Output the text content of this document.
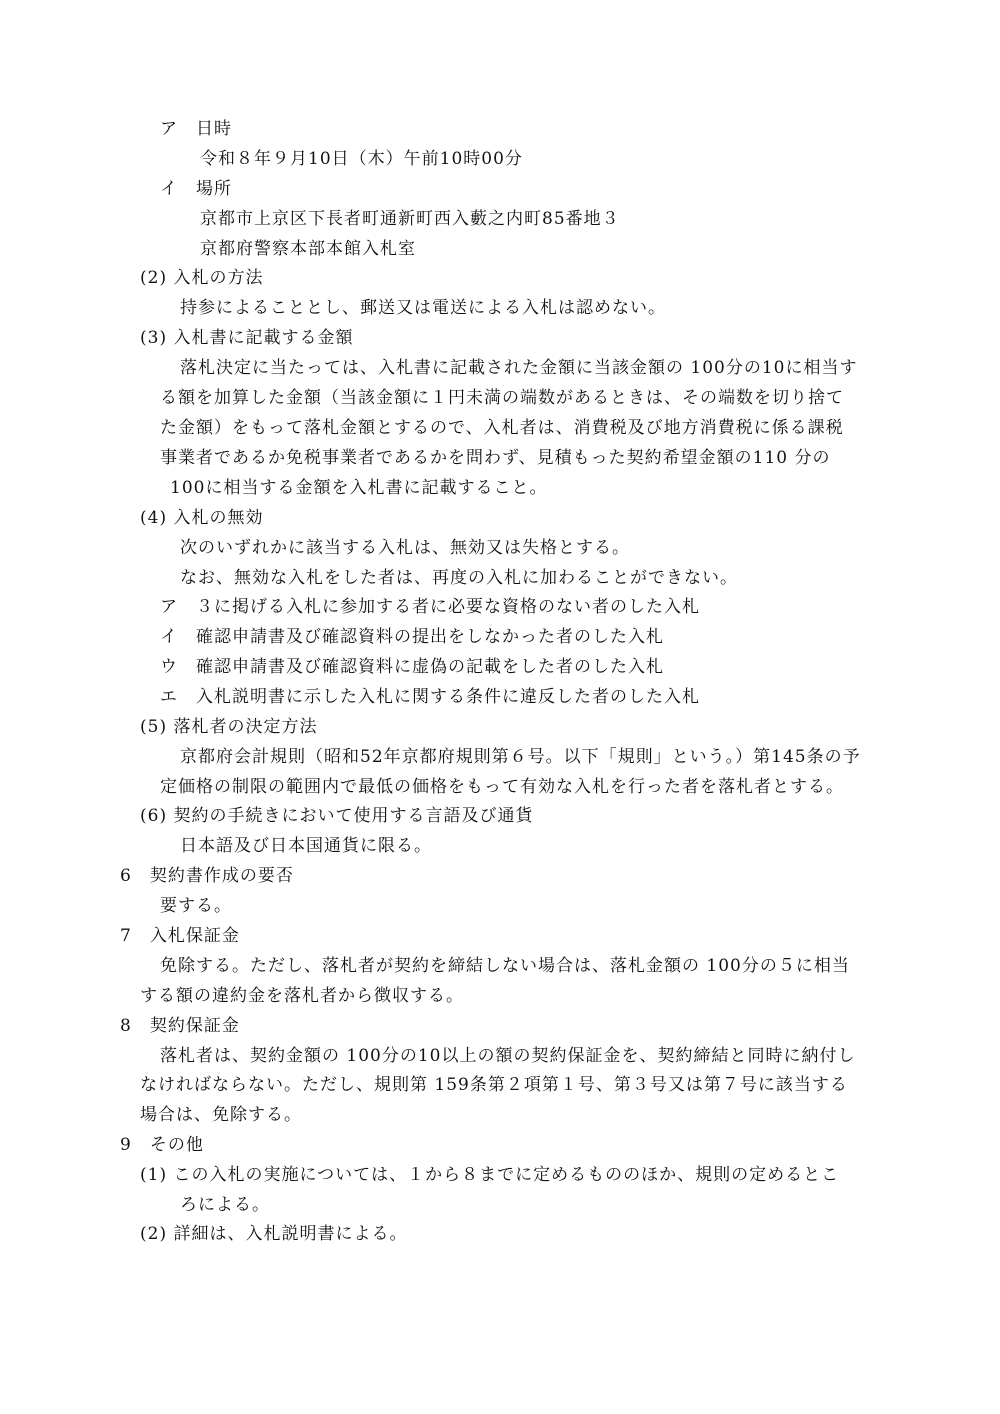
ア　日時
令和８年９月10日（木）午前10時00分
イ　場所
京都市上京区下長者町通新町西入藪之内町85番地３
京都府警察本部本館入札室
(2) 入札の方法
持参によることとし、郵送又は電送による入札は認めない。
(3) 入札書に記載する金額
落札決定に当たっては、入札書に記載された金額に当該金額の 100分の10に相当す
る額を加算した金額（当該金額に１円未満の端数があるときは、その端数を切り捨て
た金額）をもって落札金額とするので、入札者は、消費税及び地方消費税に係る課税
事業者であるか免税事業者であるかを問わず、見積もった契約希望金額の110 分の
100に相当する金額を入札書に記載すること。
(4) 入札の無効
次のいずれかに該当する入札は、無効又は失格とする。
なお、無効な入札をした者は、再度の入札に加わることができない。
ア　３に掲げる入札に参加する者に必要な資格のない者のした入札
イ　確認申請書及び確認資料の提出をしなかった者のした入札
ウ　確認申請書及び確認資料に虚偽の記載をした者のした入札
エ　入札説明書に示した入札に関する条件に違反した者のした入札
(5) 落札者の決定方法
京都府会計規則（昭和52年京都府規則第６号。以下「規則」という。）第145条の予
定価格の制限の範囲内で最低の価格をもって有効な入札を行った者を落札者とする。
(6) 契約の手続きにおいて使用する言語及び通貨
日本語及び日本国通貨に限る。
6　契約書作成の要否
要する。
7　入札保証金
免除する。ただし、落札者が契約を締結しない場合は、落札金額の 100分の５に相当
する額の違約金を落札者から徴収する。
8　契約保証金
落札者は、契約金額の 100分の10以上の額の契約保証金を、契約締結と同時に納付し
なければならない。ただし、規則第 159条第２項第１号、第３号又は第７号に該当する
場合は、免除する。
9　その他
(1) この入札の実施については、１から８までに定めるもののほか、規則の定めるとこ
ろによる。
(2) 詳細は、入札説明書による。
